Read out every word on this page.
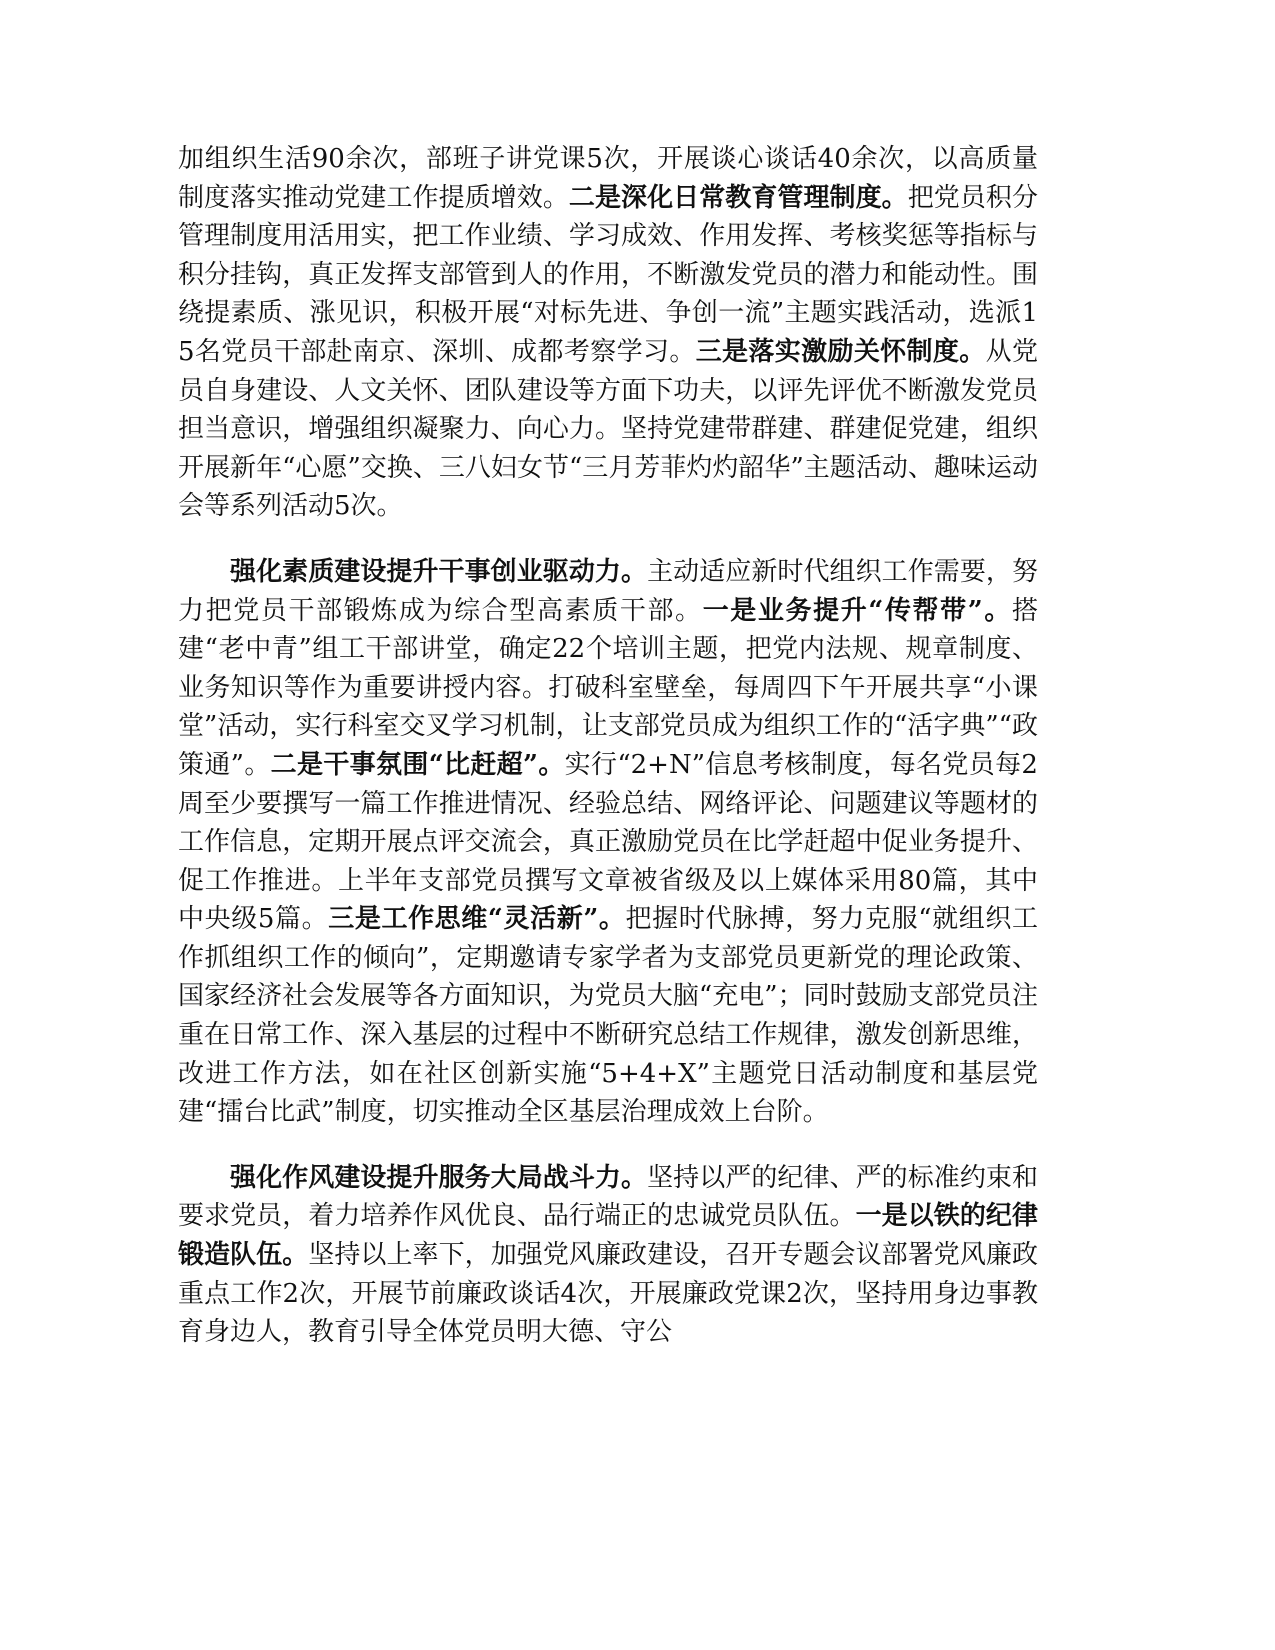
加组织生活90余次，部班子讲党课5次，开展谈心谈话40余次，以高质量制度落实推动党建工作提质增效。二是深化日常教育管理制度。把党员积分管理制度用活用实，把工作业绩、学习成效、作用发挥、考核奖惩等指标与积分挂钩，真正发挥支部管到人的作用，不断激发党员的潜力和能动性。围绕提素质、涨见识，积极开展“对标先进、争创一流”主题实践活动，选派15名党员干部赴南京、深圳、成都考察学习。三是落实激励关怀制度。从党员自身建设、人文关怀、团队建设等方面下功夫，以评先评优不断激发党员担当意识，增强组织凝聚力、向心力。坚持党建带群建、群建促党建，组织开展新年“心愿”交换、三八妇女节“三月芳菲灼灼韶华”主题活动、趣味运动会等系列活动5次。

强化素质建设提升干事创业驱动力。主动适应新时代组织工作需要，努力把党员干部锻炼成为综合型高素质干部。一是业务提升“传帮带”。搭建“老中青”组工干部讲堂，确定22个培训主题，把党内法规、规章制度、业务知识等作为重要讲授内容。打破科室壁垒，每周四下午开展共享“小课堂”活动，实行科室交叉学习机制，让支部党员成为组织工作的“活字典”“政策通”。二是干事氛围“比赶超”。实行“2+N”信息考核制度，每名党员每2周至少要撰写一篇工作推进情况、经验总结、网络评论、问题建议等题材的工作信息，定期开展点评交流会，真正激励党员在比学赶超中促业务提升、促工作推进。上半年支部党员撰写文章被省级及以上媒体采用80篇，其中中央级5篇。三是工作思维“灵活新”。把握时代脉搏，努力克服“就组织工作抓组织工作的倾向”，定期邀请专家学者为支部党员更新党的理论政策、国家经济社会发展等各方面知识，为党员大脑“充电”；同时鼓励支部党员注重在日常工作、深入基层的过程中不断研究总结工作规律，激发创新思维，改进工作方法，如在社区创新实施“5+4+X”主题党日活动制度和基层党建“擂台比武”制度，切实推动全区基层治理成效上台阶。

强化作风建设提升服务大局战斗力。坚持以严的纪律、严的标准约束和要求党员，着力培养作风优良、品行端正的忠诚党员队伍。一是以铁的纪律锻造队伍。坚持以上率下，加强党风廉政建设，召开专题会议部署党风廉政重点工作2次，开展节前廉政谈话4次，开展廉政党课2次，坚持用身边事教育身边人，教育引导全体党员明大德、守公
